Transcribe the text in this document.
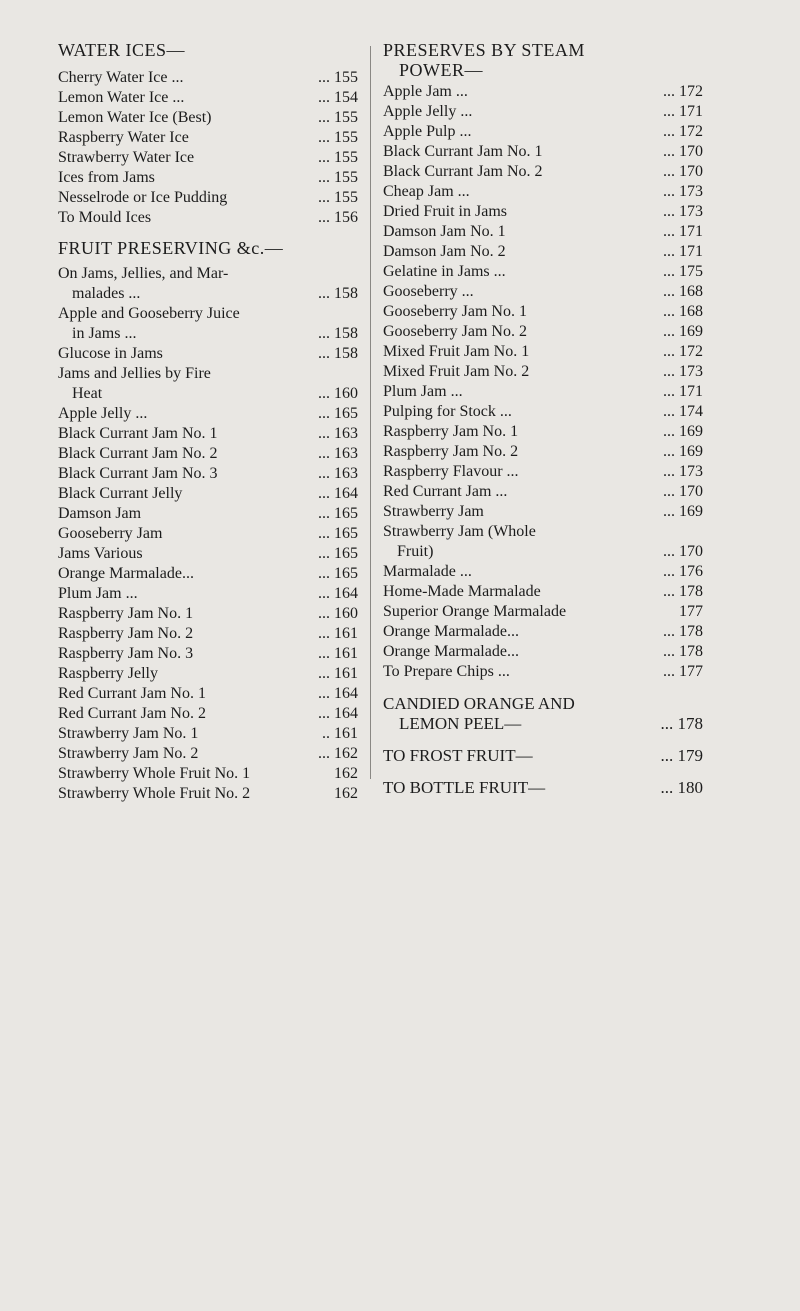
WATER ICES—
Cherry Water Ice ...	... 155
Lemon Water Ice ...	... 154
Lemon Water Ice (Best)	... 155
Raspberry Water Ice	... 155
Strawberry Water Ice	... 155
Ices from Jams	... 155
Nesselrode or Ice Pudding	... 155
To Mould Ices	... 156
FRUIT PRESERVING &c.—
On Jams, Jellies, and Mar-
malades ...	... 158
Apple and Gooseberry Juice
in Jams ...	... 158
Glucose in Jams	... 158
Jams and Jellies by Fire
Heat	... 160
Apple Jelly ...	... 165
Black Currant Jam No. 1	... 163
Black Currant Jam No. 2	... 163
Black Currant Jam No. 3	... 163
Black Currant Jelly	... 164
Damson Jam	... 165
Gooseberry Jam	... 165
Jams Various	... 165
Orange Marmalade...	... 165
Plum Jam ...	... 164
Raspberry Jam No. 1	... 160
Raspberry Jam No. 2	... 161
Raspberry Jam No. 3	... 161
Raspberry Jelly	... 161
Red Currant Jam No. 1	... 164
Red Currant Jam No. 2	... 164
Strawberry Jam No. 1	.. 161
Strawberry Jam No. 2	... 162
Strawberry Whole Fruit No. 1	162
Strawberry Whole Fruit No. 2	162
PRESERVES BY STEAM
POWER—
Apple Jam ...	... 172
Apple Jelly ...	... 171
Apple Pulp ...	... 172
Black Currant Jam No. 1	... 170
Black Currant Jam No. 2	... 170
Cheap Jam ...	... 173
Dried Fruit in Jams	... 173
Damson Jam No. 1	... 171
Damson Jam No. 2	... 171
Gelatine in Jams ...	... 175
Gooseberry ...	... 168
Gooseberry Jam No. 1	... 168
Gooseberry Jam No. 2	... 169
Mixed Fruit Jam No. 1	... 172
Mixed Fruit Jam No. 2	... 173
Plum Jam ...	... 171
Pulping for Stock ...	... 174
Raspberry Jam No. 1	... 169
Raspberry Jam No. 2	... 169
Raspberry Flavour ...	... 173
Red Currant Jam ...	... 170
Strawberry Jam	... 169
Strawberry Jam (Whole
Fruit)	... 170
Marmalade ...	... 176
Home-Made Marmalade	... 178
Superior Orange Marmalade	177
Orange Marmalade...	... 178
Orange Marmalade...	... 178
To Prepare Chips ...	... 177
CANDIED ORANGE AND
LEMON PEEL—	... 178
TO FROST FRUIT—	... 179
TO BOTTLE FRUIT—	... 180
